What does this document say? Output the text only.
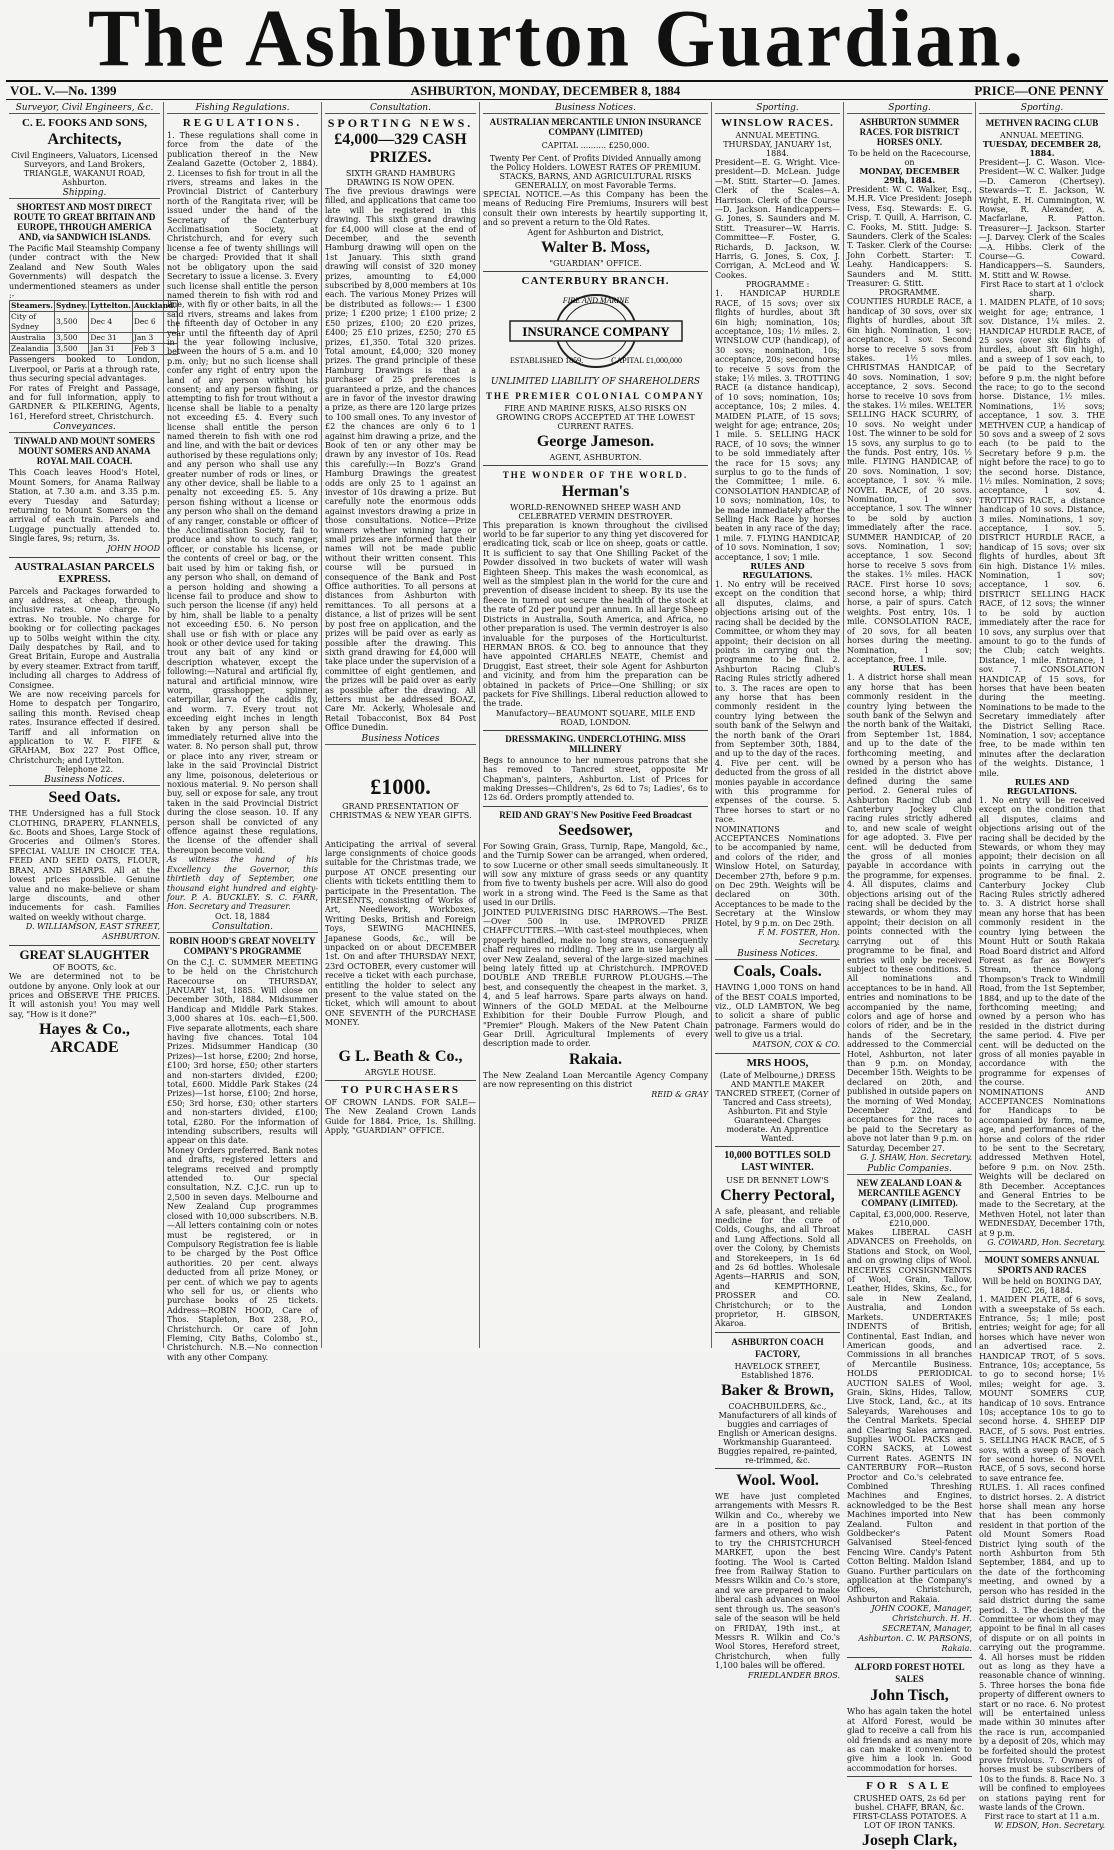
The Ashburton Guardian.
VOL. V.—No. 1399	ASHBURTON, MONDAY, DECEMBER 8, 1884	PRICE—ONE PENNY
Surveyor, Civil Engineers, &c.
C. E. FOOKS AND SONS,
Architects,
Civil Engineers, Valuators, Licensed Surveyors, and Land Brokers, TRIANGLE, WAKANUI ROAD, Ashburton.
Shipping.
SHORTEST AND MOST DIRECT ROUTE TO GREAT BRITAIN AND EUROPE, THROUGH AMERICA AND, via SANDWICH ISLANDS.
The Pacific Mail Steamship Company (under contract with the New Zealand and New South Wales Governments) will despatch the undermentioned steamers as under :-
Steamers.	Sydney.	Lyttelton.	Auckland.
City of Sydney	3,500	Dec 4	Dec 6
Australia	3,500	Dec 31	Jan 3
Zealandia	3,500	Jan 31	Feb 3
Passengers booked to London, Liverpool, or Paris at a through rate, thus securing special advantages.
For rates of Freight and Passage, and for full information, apply to GARDNER & PILKERING, Agents, 161, Hereford street, Christchurch.
Conveyances.
TINWALD AND MOUNT SOMERS MOUNT SOMERS AND ANAMA ROYAL MAIL COACH.
This Coach leaves Hood's Hotel, Mount Somers, for Anama Railway Station, at 7.30 a.m. and 3.35 p.m. every Tuesday and Saturday; returning to Mount Somers on the arrival of each train. Parcels and Luggage punctually attended to. Single fares, 9s; return, 3s.
JOHN HOOD
AUSTRALASIAN PARCELS EXPRESS.
Parcels and Packages forwarded to any address, at cheap, through, inclusive rates. One charge. No extras. No trouble. No charge for booking or for collecting packages up to 50lbs weight within the city. Daily despatches by Rail, and to Great Britain, Europe and Australia by every steamer. Extract from tariff, including all charges to Address of Consignee.
We are now receiving parcels for Home to despatch per Tongariro, sailing this month. Revised cheap rates. Insurance effected if desired. Tariff and all information on application to W. F. FIFE & GRAHAM, Box 227 Post Office, Christchurch; and Lyttelton.
Telephone 22.
Business Notices.
Seed Oats.
THE Undersigned has a full Stock CLOTHING, DRAPERY, FLANNELS, &c. Boots and Shoes, Large Stock of Groceries and Oilmen's Stores. SPECIAL VALUE IN CHOICE TEA. FEED AND SEED OATS, FLOUR, BRAN, AND SHARPS. All at the lowest prices possible. Genuine value and no make-believe or sham large discounts, and other inducements for cash. Families waited on weekly without charge.
D. WILLIAMSON, EAST STREET, ASHBURTON.
GREAT SLAUGHTER
OF BOOTS, &c.
We are determined not to be outdone by anyone. Only look at our prices and OBSERVE THE PRICES. It will astonish you! You may well say, "How is it done?"
Hayes & Co., ARCADE
Fishing Regulations.
REGULATIONS.
1. These regulations shall come in force from the date of the publication thereof in the New Zealand Gazette (October 2, 1884). 2. Licenses to fish for trout in all the rivers, streams and lakes in the Provincial District of Canterbury north of the Rangitata river, will be issued under the hand of the Secretary of the Canterbury Acclimatisation Society, at Christchurch, and for every such license a fee of twenty shillings will be charged: Provided that it shall not be obligatory upon the said Secretary to issue a license. 3. Every such license shall entitle the person named therein to fish with rod and line, with fly or other baits, in all the said rivers, streams and lakes from the fifteenth day of October in any year until the fifteenth day of April in the year following inclusive, between the hours of 5 a.m. and 10 p.m. only; but no such license shall confer any right of entry upon the land of any person without his consent; and any person fishing, or attempting to fish for trout without a license shall be liable to a penalty not exceeding £5. 4. Every such license shall entitle the person named therein to fish with one rod and line, and with the bait or devices authorised by these regulations only; and any person who shall use any greater number of rods or lines, or any other device, shall be liable to a penalty not exceeding £5. 5. Any person fishing without a license or any person who shall on the demand of any ranger, constable or officer of the Acclimatisation Society, fail to produce and show to such ranger, officer, or constable his license, or the contents of creel or bag, or the bait used by him or taking fish, or any person who shall, on demand of a person holding and showing a license fail to produce and show to such person the license (if any) held by him, shall be liable to a penalty not exceeding £50. 6. No person shall use or fish with or place any hook or other device used for taking trout any bait of any kind or description whatever, except the following:—Natural and artificial fly, natural and artificial minnow, wire worm, grasshopper, spinner, caterpillar, larva of the caddis fly, and worm. 7. Every trout not exceeding eight inches in length taken by any person shall be immediately returned alive into the water. 8. No person shall put, throw or place into any river, stream or lake in the said Provincial District any lime, poisonous, deleterious or noxious material. 9. No person shall buy, sell or expose for sale, any trout taken in the said Provincial District during the close season. 10. If any person shall be convicted of any offence against these regulations, the license of the offender shall thereupon become void.
As witness the hand of his Excellency the Governor, this thirtieth day of September, one thousand eight hundred and eighty-four. P. A. BUCKLEY. S. C. FARR, Hon. Secretary and Treasurer.
Oct. 18, 1884
Consultation.
ROBIN HOOD'S GREAT NOVELTY COMPANY'S PROGRAMME
On the C.J. C. SUMMER MEETING to be held on the Christchurch Racecourse on THURSDAY, JANUARY 1st, 1885. Will close on December 30th, 1884. Midsummer Handicap and Middle Park Stakes. 3,000 shares at 10s. each—£1,500. Five separate allotments, each share having five chances. Total 104 Prizes. Midsummer Handicap (30 Prizes)—1st horse, £200; 2nd horse, £100; 3rd horse, £50; other starters and non-starters divided, £200; total, £600. Middle Park Stakes (24 Prizes)—1st horse, £100; 2nd horse, £50; 3rd horse, £30; other starters and non-starters divided, £100; total, £280. For the information of intending subscribers, results will appear on this date.
Money Orders preferred. Bank notes and drafts, registered letters and telegrams received and promptly attended to. Our special consultation, N.Z. C.J.C. run up to 2,500 in seven days. Melbourne and New Zealand Cup programmes closed with 10,000 subscribers. N.B.—All letters containing coin or notes must be registered, or in Compulsory Registration fee is liable to be charged by the Post Office authorities. 20 per cent. always deducted from all prize Money, or per cent. of which we pay to agents who sell for us, or clients who purchase books of 25 tickets. Address—ROBIN HOOD, Care of Thos. Stapleton, Box 238, P.O., Christchurch. Or care of John Fleming, City Baths, Colombo st., Christchurch. N.B.—No connection with any other Company.
Consultation.
SPORTING NEWS.
£4,000—329 CASH PRIZES.
SIXTH GRAND HAMBURG DRAWING IS NOW OPEN.
The five previous drawings were filled, and applications that came too late will be registered in this drawing. This sixth grand drawing for £4,000 will close at the end of December, and the seventh Hamburg drawing will open on the 1st January. This sixth grand drawing will consist of 320 money prizes, amounting to £4,000 subscribed by 8,000 members at 10s each. The various Money Prizes will be distributed as follows:— 1 £300 prize; 1 £200 prize; 1 £100 prize; 2 £50 prizes, £100; 20 £20 prizes, £400; 25 £10 prizes, £250; 270 £5 prizes, £1,350. Total 320 prizes. Total amount, £4,000; 320 money prizes. The grand principle of these Hamburg Drawings is that a purchaser of 25 preferences is guaranteed a prize, and the chances are in favor of the investor drawing a prize, as there are 120 large prizes to 100 small ones. To any investor of £2 the chances are only 6 to 1 against him drawing a prize, and the Book of ten or any other may be drawn by any investor of 10s. Read this carefully:—In Bozz's Grand Hamburg Drawings the greatest odds are only 25 to 1 against an investor of 10s drawing a prize. But carefully note the enormous odds against investors drawing a prize in those consultations. Notice—Prize winners whether winning large or small prizes are informed that their names will not be made public without their written consent. This course will be pursued in consequence of the Bank and Post Office authorities. To all persons at distances from Ashburton with remittances. To all persons at a distance, a list of prizes will be sent by post free on application, and the prizes will be paid over as early as possible after the drawing. This sixth grand drawing for £4,000 will take place under the supervision of a committee of eight gentlemen, and the prizes will be paid over as early as possible after the drawing. All letters must be addressed BOAZ, Care Mr. Ackerly, Wholesale and Retail Tobacconist, Box 84 Post Office Dunedin.
Business Notices
£1000.
GRAND PRESENTATION OF CHRISTMAS & NEW YEAR GIFTS.
Anticipating the arrival of several large consignments of choice goods suitable for the Christmas trade, we purpose AT ONCE presenting our clients with tickets entitling them to participate in the Presentation. The PRESENTS, consisting of Works of Art, Needlework, Workboxes, Writing Desks, British and Foreign Toys, SEWING MACHINES, Japanese Goods, &c., will be unpacked on or about DECEMBER 1st. On and after THURSDAY NEXT, 23rd OCTOBER, every customer will receive a ticket with each purchase, entitling the holder to select any present to the value stated on the ticket, which will amount to about ONE SEVENTH of the PURCHASE MONEY.
G L. Beath & Co.,
ARGYLE HOUSE.
TO PURCHASERS
OF CROWN LANDS. FOR SALE—The New Zealand Crown Lands Guide for 1884. Price, 1s. Shilling. Apply, "GUARDIAN" OFFICE.
Business Notices.
AUSTRALIAN MERCANTILE UNION INSURANCE COMPANY (LIMITED)
CAPITAL .......... £250,000.
Twenty Per Cent. of Profits Divided Annually among the Policy Holders. LOWEST RATES OF PREMIUM. STACKS, BARNS, AND AGRICULTURAL RISKS GENERALLY, on most Favorable Terms.
SPECIAL NOTICE.—As this Company has been the means of Reducing Fire Premiums, Insurers will best consult their own interests by heartily supporting it, and so prevent a return to the Old Rates.
Agent for Ashburton and District,
Walter B. Moss,
"GUARDIAN" OFFICE.
CANTERBURY BRANCH.
INSURANCE COMPANY
FIRE AND MARINE
ESTABLISHED 1859.	CAPITAL £1,000,000
UNLIMITED LIABILITY OF SHAREHOLDERS
THE PREMIER COLONIAL COMPANY
FIRE AND MARINE RISKS, ALSO RISKS ON GROWING CROPS ACCEPTED AT THE LOWEST CURRENT RATES.
George Jameson.
AGENT, ASHBURTON.
THE WONDER OF THE WORLD.
Herman's
WORLD-RENOWNED SHEEP WASH AND CELEBRATED VERMIN DESTROYER.
This preparation is known throughout the civilised world to be far superior to any thing yet discovered for eradicating tick, scab or lice on sheep, goats or cattle. It is sufficient to say that One Shilling Packet of the Powder dissolved in two buckets of water will wash Eighteen Sheep. This makes the wash economical, as well as the simplest plan in the world for the cure and prevention of disease incident to sheep. By its use the fleece in turned out secure the health of the stock at the rate of 2d per pound per annum. In all large Sheep Districts in Australia, South America, and Africa, no other preparation is used. The vermin destroyer is also invaluable for the purposes of the Horticulturist. HERMAN BROS. & CO. beg to announce that they have appointed CHARLES NEATE, Chemist and Druggist, East street, their sole Agent for Ashburton and vicinity, and from him the preparation can be obtained in packets of Price—One Shilling; or six packets for Five Shillings. Liberal reduction allowed to the trade.
Manufactory—BEAUMONT SQUARE, MILE END ROAD, LONDON.
DRESSMAKING. UNDERCLOTHING. MISS MILLINERY
Begs to announce to her numerous patrons that she has removed to Tancred street, opposite Mr Chapman's, painters, Ashburton. List of Prices for making Dresses—Children's, 2s 6d to 7s; Ladies', 6s to 12s 6d. Orders promptly attended to.
REID AND GRAY'S New Positive Feed Broadcast
Seedsower,
For Sowing Grain, Grass, Turnip, Rape, Mangold, &c., and the Turnip Sower can be arranged, when ordered, to sow Lucerne or other small seeds simultaneously. It will sow any mixture of grass seeds or any quantity from five to twenty bushels per acre. Will also do good work in a strong wind. The Feed is the Same as that used in our Drills.
JOINTED PULVERISING DISC HARROWS.—The Best.—Over 500 in use. IMPROVED PRIZE CHAFFCUTTERS.—With cast-steel mouthpieces, when properly handled, make no long straws, consequently chaff requires no riddling. They are in use largely all over New Zealand, several of the large-sized machines being lately fitted up at Christchurch. IMPROVED DOUBLE AND TREBLE FURROW PLOUGHS.—The best, and consequently the cheapest in the market. 3, 4, and 5 leaf harrows. Spare parts always on hand. Winners of the GOLD MEDAL at the Melbourne Exhibition for their Double Furrow Plough, and "Premier" Plough. Makers of the New Patent Chain Gear Drill. Agricultural Implements of every description made to order.
Rakaia.
The New Zealand Loan Mercantile Agency Company are now representing on this district
REID & GRAY
Sporting.
WINSLOW RACES.
ANNUAL MEETING.
THURSDAY, JANUARY 1st, 1884.
President—E. G. Wright. Vice-president—D. McLean. Judge—M. Stitt. Starter—O. James. Clerk of the Scales—A. Harrison. Clerk of the Course—D. Jackson. Handicappers—G. Jones, S. Saunders and M. Stitt. Treasurer—W. Harris. Committee—F. Foster, G. Richards, D. Jackson, W. Harris, G. Jones, S. Cox, J. Corrigan, A. McLeod and W. Cookes.
PROGRAMME :
1. HANDICAP HURDLE RACE, of 15 sovs; over six flights of hurdles, about 3ft 6in high; nomination, 10s; acceptance, 10s; 1½ miles. 2. WINSLOW CUP (handicap), of 30 sovs; nomination, 10s; acceptance, 20s; second horse to receive 5 sovs from the stake; 1½ miles. 3. TROTTING RACE (a distance handicap), of 10 sovs; nomination, 10s; acceptance, 10s; 2 miles. 4. MAIDEN PLATE, of 15 sovs; weight for age; entrance, 20s; 1 mile. 5. SELLING HACK RACE, of 10 sovs; the winner to be sold immediately after the race for 15 sovs; any surplus to go to the funds of the Committee; 1 mile. 6. CONSOLATION HANDICAP, of 10 sovs; nomination, 10s, to be made immediately after the Selling Hack Race by horses beaten in any race of the day; 1 mile. 7. FLYING HANDICAP, of 10 sovs. Nomination, 1 sov; acceptance, 1 sov; 1 mile.
RULES AND REGULATIONS.
1. No entry will be received except on the condition that all disputes, claims, and objections arising out of the racing shall be decided by the Committee, or whom they may appoint; their decision on all points in carrying out the programme to be final. 2. Ashburton Racing Club's Racing Rules strictly adhered to. 3. The races are open to any horse that has been commonly resident in the country lying between the south bank of the Selwyn and the north bank of the Orari from September 30th, 1884, and up to the day of the races. 4. Five per cent. will be deducted from the gross of all monies payable in accordance with this programme for expenses of the course. 5. Three horses to start or no race.
NOMINATIONS and ACCEPTANCES Nominations to be accompanied by name, and colors of the rider, and Winslow Hotel, on Saturday, December 27th, before 9 p.m. on Dec 29th. Weights will be declared on 30th. Acceptances to be made to the Secretary at the Winslow Hotel, by 9 p.m. on Dec 29th.
F. M. FOSTER, Hon. Secretary.
Business Notices.
Coals, Coals.
HAVING 1,000 TONS on hand of the BEST COALS imported, viz., OLD LAMBTON, We beg to solicit a share of public patronage. Farmers would do well to give us a trial.
MATSON, COX & CO.
MRS HOOS,
(Late of Melbourne,) DRESS AND MANTLE MAKER
TANCRED STREET, (Corner of Tancred and Cass streets), Ashburton. Fit and Style Guaranteed. Charges moderate. An Apprentice Wanted.
10,000 BOTTLES SOLD LAST WINTER.
USE DR BENNET LOW'S
Cherry Pectoral,
A safe, pleasant, and reliable medicine for the cure of Colds, Coughs, and all Throat and Lung Affections. Sold all over the Colony, by Chemists and Storekeepers, in 1s 6d and 2s 6d bottles. Wholesale Agents—HARRIS and SON, and KEMPTHORNE, PROSSER and CO. Christchurch; or to the proprietor, H. GIBSON, Akaroa.
ASHBURTON COACH FACTORY,
HAVELOCK STREET, Established 1876.
Baker & Brown,
COACHBUILDERS, &c., Manufacturers of all kinds of buggies and carriages of English or American designs. Workmanship Guaranteed. Buggies repaired, re-painted, re-trimmed, &c.
Wool. Wool.
WE have just completed arrangements with Messrs R. Wilkin and Co., whereby we are in a position to pay farmers and others, who wish to try the CHRISTCHURCH MARKET, upon the best footing. The Wool is Carted free from Railway Station to Messrs Wilkin and Co.'s store, and we are prepared to make liberal cash advances on Wool sent through us. The season's sale of the season will be held on FRIDAY, 19th inst., at Messrs R. Wilkin and Co.'s Wool Stores, Hereford street, Christchurch, when fully 1,100 bales will be offered.
FRIEDLANDER BROS.
Sporting.
ASHBURTON SUMMER RACES. FOR DISTRICT HORSES ONLY.
To be held on the Racecourse, on
MONDAY, DECEMBER 29th, 1884.
President: W. C. Walker, Esq., M.H.R. Vice President: Joseph Ivess, Esq. Stewards: E. G. Crisp, T. Quill, A. Harrison, C. C. Fooks, M. Stitt. Judge: S. Saunders. Clerk of the Scales: T. Tasker. Clerk of the Course: John Corbett. Starter: T. Leahy. Handicappers: S. Saunders and M. Stitt. Treasurer: G. Stitt.
PROGRAMME.
COUNTIES HURDLE RACE, a handicap of 30 sovs, over six flights of hurdles, about 3ft 6in high. Nomination, 1 sov; acceptance, 1 sov. Second horse to receive 5 sovs from stakes. 1½ miles. CHRISTMAS HANDICAP, of 40 sovs. Nomination, 1 sov; acceptance, 2 sovs. Second horse to receive 10 sovs from the stakes. 1½ miles. WELTER SELLING HACK SCURRY, of 10 sovs. No weight under 10st. The winner to be sold for 15 sovs, any surplus to go to the funds. Post entry, 10s. ½ mile. FLYING HANDICAP, of 20 sovs. Nomination, 1 sov; acceptance, 1 sov. ¾ mile. NOVEL RACE, of 20 sovs. Nomination, 1 sov; acceptance, 1 sov. The winner to be sold by auction immediately after the race. SUMMER HANDICAP, of 20 sovs. Nomination, 1 sov; acceptance, 1 sov. Second horse to receive 5 sovs from the stakes. 1½ miles. HACK RACE. First horse 10 sovs; second horse, a whip; third horse, a pair of spurs. Catch weights. Post entry, 10s. 1 mile. CONSOLATION RACE, of 20 sovs, for all beaten horses during the meeting. Nomination, 1 sov; acceptance, free. 1 mile.
RULES.
1. A district horse shall mean any horse that has been commonly resident in the country lying between the south bank of the Selwyn and the north bank of the Waitaki, from September 1st, 1884, and up to the date of the forthcoming meeting, and owned by a person who has resided in the district above defined during the same period. 2. General rules of Ashburton Racing Club and Canterbury Jockey Club racing rules strictly adhered to, and new scale of weight for age adopted. 3. Five per cent. will be deducted from the gross of all monies payable in accordance with the programme, for expenses. 4. All disputes, claims and objections arising out of the racing shall be decided by the stewards, or whom they may appoint; their decision on all points connected with the carrying out of this programme to be final, and entries will only be received subject to these conditions. 5. All nominations and acceptances to be in hand. All entries and nominations to be accompanied by the name, colors and age of horse and colors of rider, and be in the hands of the Secretary, addressed to the Commercial Hotel, Ashburton, not later than 9 p.m. on Monday, December 15th. Weights to be declared on 20th, and published in outside papers on the morning of Wed Monday, December 22nd, and acceptances for the races to be paid to the Secretary as above not later than 9 p.m. on Saturday, December 27.
G. J. SHAW, Hon. Secretary.
Public Companies.
NEW ZEALAND LOAN & MERCANTILE AGENCY COMPANY (LIMITED).
Capital, £3,000,000. Reserve, £210,000.
Makes LIBERAL CASH ADVANCES on Freeholds, on Stations and Stock, on Wool, and on growing clips of Wool. RECEIVES CONSIGNMENTS of Wool, Grain, Tallow, Leather, Hides, Skins, &c., for sale in New Zealand, Australia, and London Markets. UNDERTAKES INDENTS of British, Continental, East Indian, and American goods, and Commissions in all branches of Mercantile Business. HOLDS PERIODICAL AUCTION SALES of Wool, Grain, Skins, Hides, Tallow, Live Stock, Land, &c., at its Saleyards, Warehouses and the Central Markets. Special and Clearing Sales arranged. Supplies WOOL PACKS and CORN SACKS, at Lowest Current Rates. AGENTS IN CANTERBURY FOR—Ruston Proctor and Co.'s celebrated Combined Threshing Machines and Engines, acknowledged to be the Best Machines imported into New Zealand. Fulton and Goldbecker's Patent Galvanised Steel-fenced Fencing Wire. Candy's Patent Cotton Belting. Maldon Island Guano. Further particulars on application at the Company's Offices, Christchurch, Ashburton and Rakaia.
JOHN COOKE, Manager, Christchurch. H. H. SECRETAN, Manager, Ashburton. C. W. PARSONS, Rakaia.
ALFORD FOREST HOTEL SALES
John Tisch,
Who has again taken the hotel at Alford Forest, would be glad to receive a call from his old friends and as many more as can make it convenient to give him a look in. Good accommodation for horses.
FOR SALE
CRUSHED OATS, 2s 6d per bushel. CHAFF, BRAN, &c. FIRST-CLASS POTATOES. A LOT OF IRON TANKS.
Joseph Clark,
Sporting.
METHVEN RACING CLUB
ANNUAL MEETING.
TUESDAY, DECEMBER 28, 1884.
President—J. C. Wason. Vice-President—W. C. Walker. Judge—D. Cameron (Chertsey). Stewards—T. E. Jackson, W. Wright, E. H. Cummington, W. Rowse, R. Alexander, A. Macfarlane, R. Patton. Treasurer—J. Jackson. Starter—J. Darvey. Clerk of the Scales—A. Hibbs. Clerk of the Course—G. Coward. Handicappers—S. Saunders, M. Stitt and W. Rowse.
First Race to start at 1 o'clock sharp.
1. MAIDEN PLATE, of 10 sovs; weight for age; entrance, 1 sov. Distance, 1¼ miles. 2. HANDICAP HURDLE RACE, of 25 sovs (over six flights of hurdles, about 3ft 6in high), and a sweep of 1 sov each, to be paid to the Secretary before 9 p.m. the night before the race; to go to the second horse. Distance, 1½ miles. Nominations, 1½ sovs; acceptance, 1 sov. 3. THE METHVEN CUP, a handicap of 50 sovs and a sweep of 2 sovs each (to be paid to the Secretary before 9 p.m. the night before the race) to go to the second horse. Distance, 1½ miles. Nomination, 2 sovs; acceptance, 1 sov. 4. TROTTING RACE, a distance handicap of 10 sovs. Distance, 3 miles. Nominations, 1 sov; acceptance, 1 sov. 5. DISTRICT HURDLE RACE, a handicap of 15 sovs; over six flights of hurdles, about 3ft 6in high. Distance 1½ miles. Nomination, 1 sov; acceptance, 1 sov. 6. DISTRICT SELLING HACK RACE, of 12 sovs; the winner to be sold by auction immediately after the race for 10 sovs, any surplus over that amount to go to the funds of the Club; catch weights. Distance, 1 mile. Entrance, 1 sov. 7. CONSOLATION HANDICAP, of 15 sovs, for horses that have been beaten during the meeting. Nominations to be made to the Secretary immediately after the District Selling Race. Nomination, 1 sov; acceptance free, to be made within ten minutes after the declaration of the weights. Distance, 1 mile.
RULES AND REGULATIONS.
1. No entry will be received except on the condition that all disputes, claims and objections arising out of the racing shall be decided by the Stewards, or whom they may appoint; their decision on all points in carrying out the programme to be final. 2. Canterbury Jockey Club Racing Rules strictly adhered to. 3. A district horse shall mean any horse that has been commonly resident in the country lying between the Mount Hutt or South Rakaia Road Board district and Alford Forest as far as Bowyer's Stream, thence along Thompson's Track to Windmill Road, from the 1st September, 1884, and up to the date of the forthcoming meeting; and owned by a person who has resided in the district during the same period. 4. Five per cent. will be deducted on the gross of all monies payable in accordance with the programme for expenses of the course.
NOMINATIONS AND ACCEPTANCES Nominations for Handicaps to be accompanied by form, name, age, and performances of the horse and colors of the rider to be sent to the Secretary, addressed Methven Hotel, before 9 p.m. on Nov. 25th. Weights will be declared on 8th December. Acceptances and General Entries to be made to the Secretary, at the Methven Hotel, not later than WEDNESDAY, December 17th, at 9 p.m.
G. COWARD, Hon. Secretary.
MOUNT SOMERS ANNUAL SPORTS AND RACES
Will be held on BOXING DAY, DEC. 26, 1884.
1. MAIDEN PLATE, of 6 sovs, with a sweepstake of 5s each. Entrance, 5s; 1 mile; post entries; weight for age; for all horses which have never won an advertised race. 2. HANDICAP TROT, of 5 sovs. Entrance, 10s; acceptance, 5s to go to second horse; 1½ miles; weight for age. 3. MOUNT SOMERS CUP, handicap of 10 sovs. Entrance 10s; acceptance 10s to go to second horse. 4. SHEEP DIP RACE, of 5 sovs. Post entries. 5. SELLING HACK RACE, of 5 sovs, with a sweep of 5s each for second horse. 6. NOVEL RACE, of 5 sovs, second horse to save entrance fee.
RULES. 1. All races confined to district horses. 2. A district horse shall mean any horse that has been commonly resident in that portion of the old Mount Somers Road District lying south of the north Ashburton from 5th September, 1884, and up to the date of the forthcoming meeting, and owned by a person who has resided in the said district during the same period. 3. The decision of the Committee or whom they may appoint to be final in all cases of dispute or on all points in carrying out the programme. 4. All horses must be ridden out as long as they have a reasonable chance of winning. 5. Three horses the bona fide property of different owners to start or no race. 6. No protest will be entertained unless made within 30 minutes after the race is run, accompanied by a deposit of 20s, which may be forfeited should the protest prove frivolous. 7. Owners of horses must be subscribers of 10s to the funds. 8. Race No. 3 will be confined to employees on stations paying rent for waste lands of the Crown.
First race to start at 11 a.m.
W. EDSON, Hon. Secretary.
